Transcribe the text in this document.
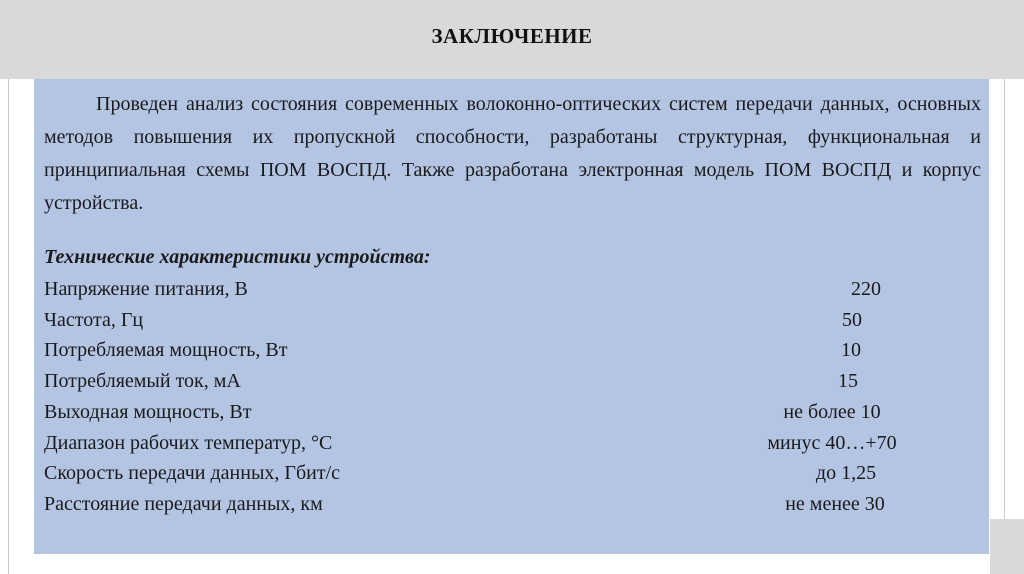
ЗАКЛЮЧЕНИЕ

Проведен анализ состояния современных волоконно-оптических систем передачи данных, основных методов повышения их пропускной способности, разработаны структурная, функциональная и принципиальная схемы ПОМ ВОСПД. Также разработана электронная модель ПОМ ВОСПД и корпус устройства.

Технические характеристики устройства:
Напряжение питания, В	220
Частота, Гц	50
Потребляемая мощность, Вт	10
Потребляемый ток, мА	15
Выходная мощность, Вт	не более 10
Диапазон рабочих температур, °С	минус 40…+70
Скорость передачи данных, Гбит/с	до 1,25
Расстояние передачи данных, км	не менее 30
